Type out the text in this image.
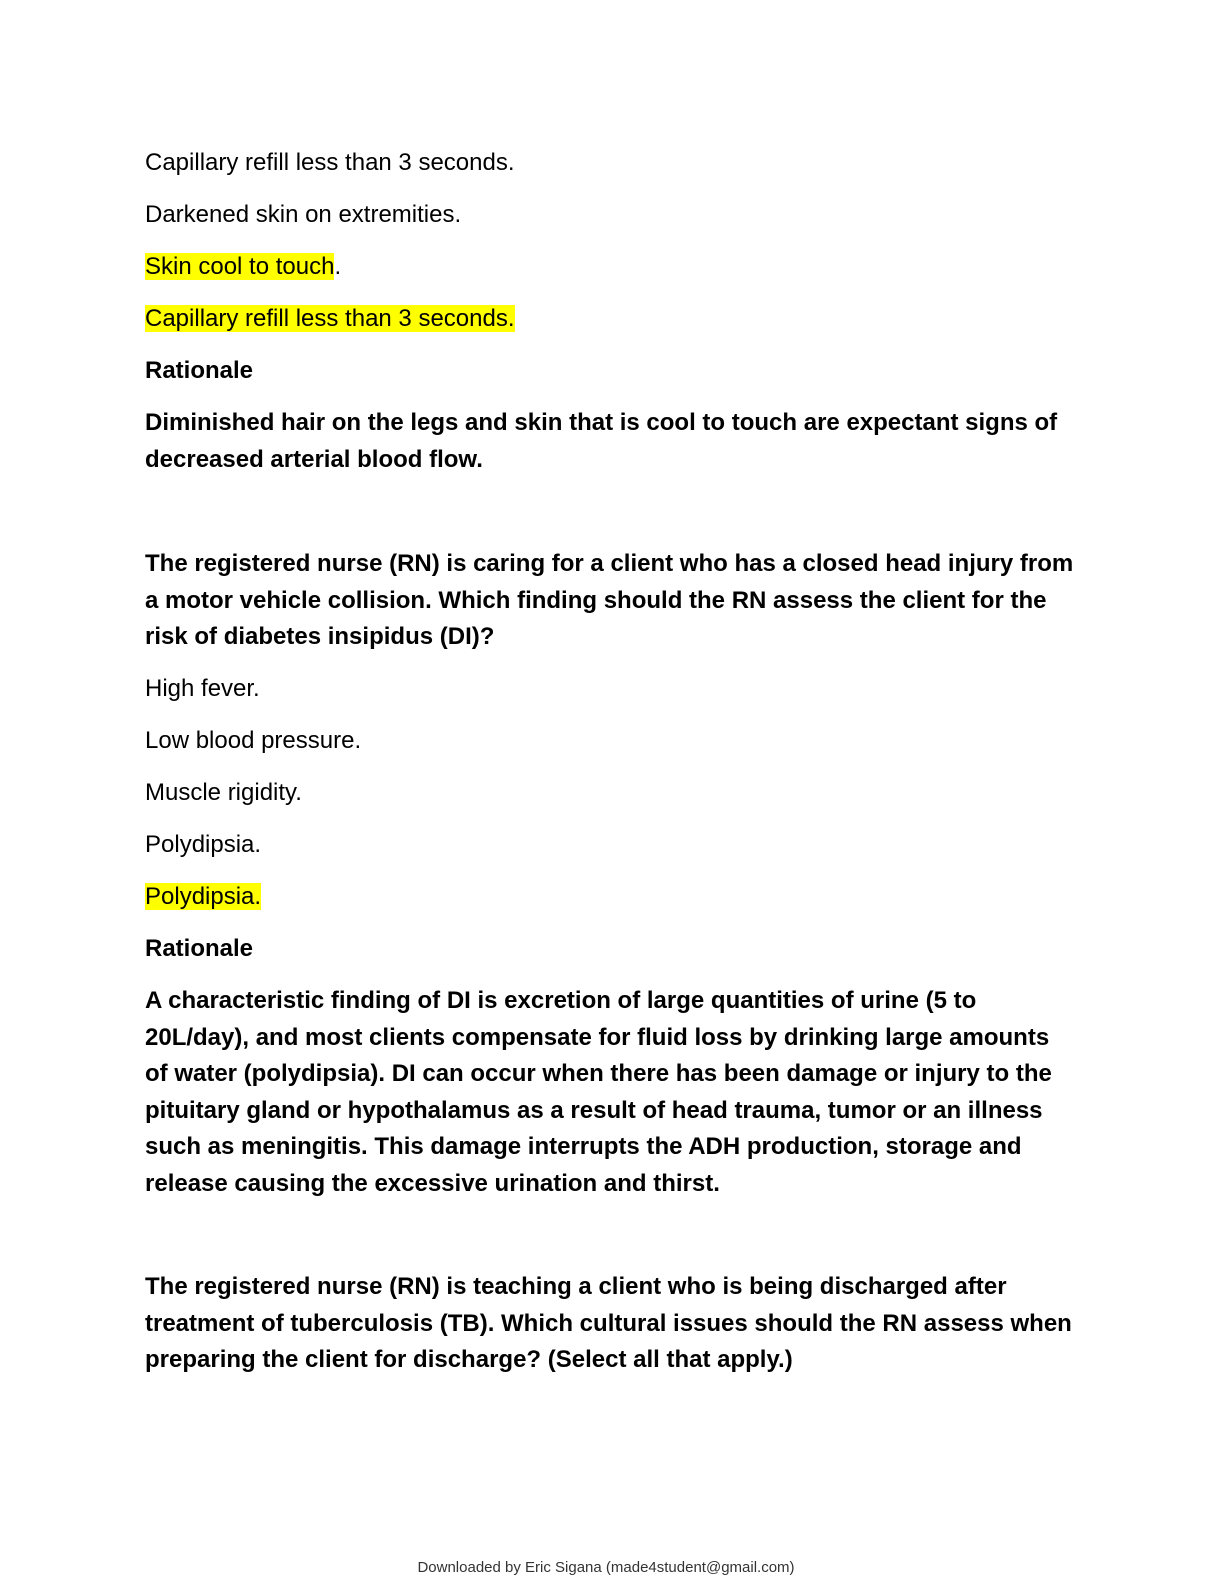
Capillary refill less than 3 seconds.
Darkened skin on extremities.
Skin cool to touch.
Capillary refill less than 3 seconds.
Rationale
Diminished hair on the legs and skin that is cool to touch are expectant signs of decreased arterial blood flow.
The registered nurse (RN) is caring for a client who has a closed head injury from a motor vehicle collision. Which finding should the RN assess the client for the risk of diabetes insipidus (DI)?
High fever.
Low blood pressure.
Muscle rigidity.
Polydipsia.
Polydipsia.
Rationale
A characteristic finding of DI is excretion of large quantities of urine (5 to 20L/day), and most clients compensate for fluid loss by drinking large amounts of water (polydipsia). DI can occur when there has been damage or injury to the pituitary gland or hypothalamus as a result of head trauma, tumor or an illness such as meningitis. This damage interrupts the ADH production, storage and release causing the excessive urination and thirst.
The registered nurse (RN) is teaching a client who is being discharged after treatment of tuberculosis (TB). Which cultural issues should the RN assess when preparing the client for discharge? (Select all that apply.)
Downloaded by Eric Sigana (made4student@gmail.com)
